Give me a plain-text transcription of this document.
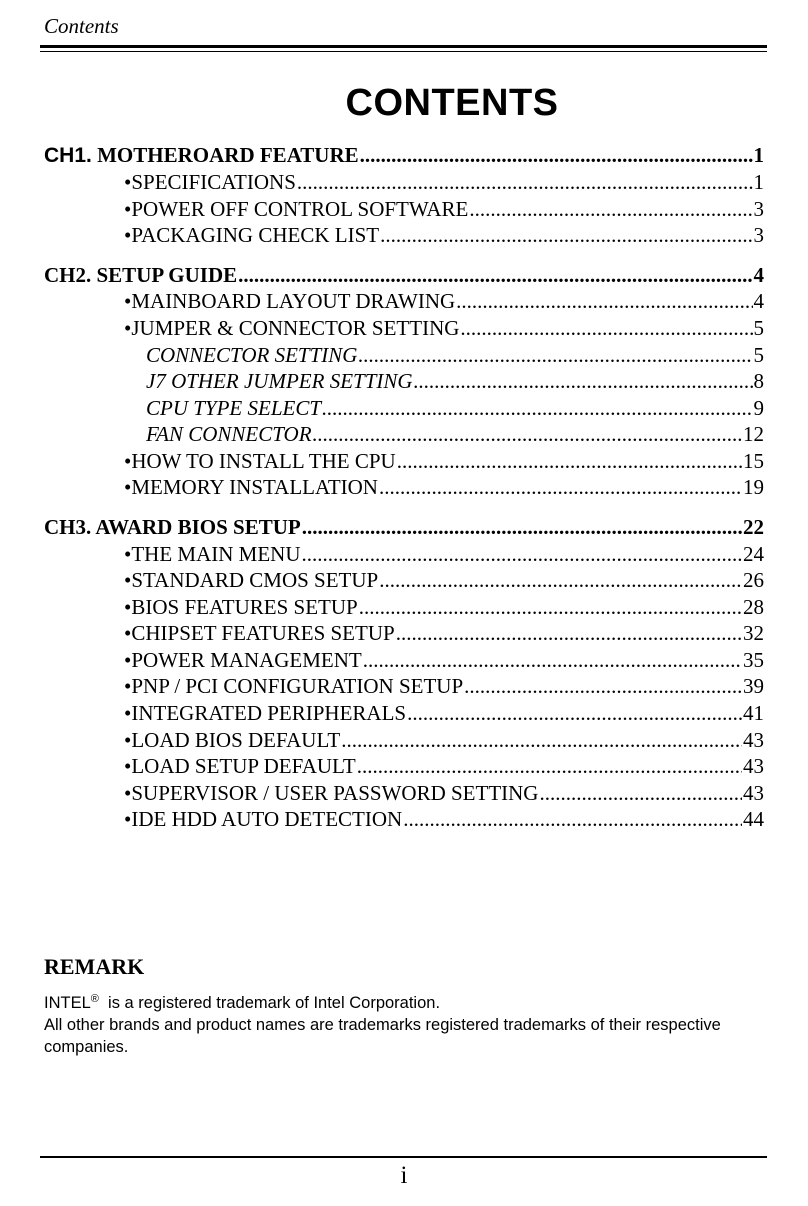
Contents
CONTENTS
CH1. MOTHEROARD FEATURE .....	1
•SPECIFICATIONS .....	1
•POWER OFF CONTROL SOFTWARE .....	3
•PACKAGING CHECK LIST .....	3
CH2. SETUP GUIDE .....	4
•MAINBOARD LAYOUT DRAWING .....	4
•JUMPER & CONNECTOR SETTING .....	5
CONNECTOR SETTING .....	5
J7 OTHER JUMPER SETTING .....	8
CPU TYPE SELECT .....	9
FAN CONNECTOR .....	12
•HOW TO INSTALL THE CPU .....	15
•MEMORY INSTALLATION .....	19
CH3. AWARD BIOS SETUP .....	22
•THE MAIN MENU .....	24
•STANDARD CMOS SETUP .....	26
•BIOS FEATURES SETUP .....	28
•CHIPSET FEATURES SETUP .....	32
•POWER MANAGEMENT .....	35
•PNP / PCI CONFIGURATION SETUP .....	39
•INTEGRATED PERIPHERALS .....	41
•LOAD BIOS DEFAULT .....	43
•LOAD SETUP DEFAULT .....	43
•SUPERVISOR / USER PASSWORD SETTING .....	43
•IDE HDD AUTO DETECTION .....	44
REMARK
INTEL®  is a registered trademark of Intel Corporation.
All other brands and product names are trademarks registered trademarks of their respective companies.
i
